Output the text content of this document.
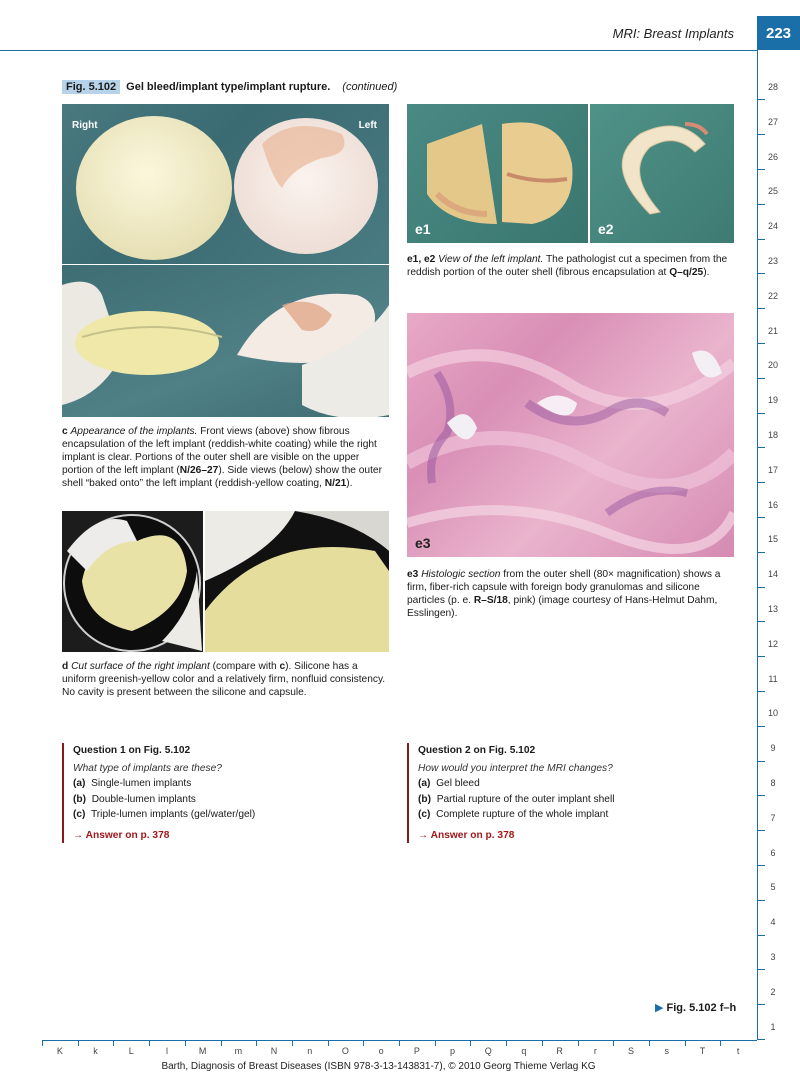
MRI: Breast Implants	223
28
27
26
25
24
23
22
21
20
19
18
17
16
15
14
13
12
11
10
9
8
7
6
5
4
3
2
1
Fig. 5.102 Gel bleed/implant type/implant rupture. (continued)
Right	Left
c Appearance of the implants. Front views (above) show fibrous encapsulation of the left implant (reddish-white coating) while the right implant is clear. Portions of the outer shell are visible on the upper portion of the left implant (N/26–27). Side views (below) show the outer shell “baked onto” the left implant (reddish-yellow coating, N/21).
d Cut surface of the right implant (compare with c). Silicone has a uniform greenish-yellow color and a relatively firm, nonfluid consistency. No cavity is present between the silicone and capsule.
e1	e2
e1, e2 View of the left implant. The pathologist cut a specimen from the reddish portion of the outer shell (fibrous encapsulation at Q–q/25).
e3
e3 Histologic section from the outer shell (80× magnification) shows a firm, fiber-rich capsule with foreign body granulomas and silicone particles (p. e. R–S/18, pink) (image courtesy of Hans-Helmut Dahm, Esslingen).
Question 1 on Fig. 5.102
What type of implants are these?
(a) Single-lumen implants
(b) Double-lumen implants
(c) Triple-lumen implants (gel/water/gel)
→ Answer on p. 378
Question 2 on Fig. 5.102
How would you interpret the MRI changes?
(a) Gel bleed
(b) Partial rupture of the outer implant shell
(c) Complete rupture of the whole implant
→ Answer on p. 378
▶ Fig. 5.102 f–h
K	k	L	l	M	m	N	n	O	o	P	p	Q	q	R	r	S	s	T	t
Barth, Diagnosis of Breast Diseases (ISBN 978-3-13-143831-7), © 2010 Georg Thieme Verlag KG
